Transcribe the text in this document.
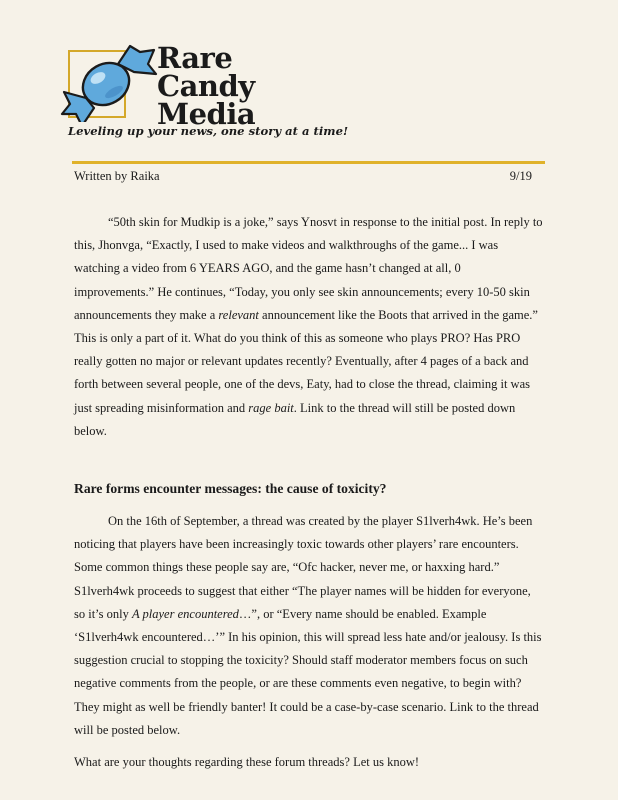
Rare
Candy
Media
Leveling up your news, one story at a time!
Written by Raika	9/19

“50th skin for Mudkip is a joke,” says Ynosvt in response to the initial post. In reply to this, Jhonvga, “Exactly, I used to make videos and walkthroughs of the game... I was watching a video from 6 YEARS AGO, and the game hasn’t changed at all, 0 improvements.” He continues, “Today, you only see skin announcements; every 10-50 skin announcements they make a relevant announcement like the Boots that arrived in the game.” This is only a part of it. What do you think of this as someone who plays PRO? Has PRO really gotten no major or relevant updates recently? Eventually, after 4 pages of a back and forth between several people, one of the devs, Eaty, had to close the thread, claiming it was just spreading misinformation and rage bait. Link to the thread will still be posted down below.

Rare forms encounter messages: the cause of toxicity?

On the 16th of September, a thread was created by the player S1lverh4wk. He’s been noticing that players have been increasingly toxic towards other players’ rare encounters. Some common things these people say are, “Ofc hacker, never me, or haxxing hard.” S1lverh4wk proceeds to suggest that either “The player names will be hidden for everyone, so it’s only A player encountered…”, or “Every name should be enabled. Example ‘S1lverh4wk encountered…’” In his opinion, this will spread less hate and/or jealousy. Is this suggestion crucial to stopping the toxicity? Should staff moderator members focus on such negative comments from the people, or are these comments even negative, to begin with? They might as well be friendly banter! It could be a case-by-case scenario. Link to the thread will be posted below.

What are your thoughts regarding these forum threads? Let us know!
